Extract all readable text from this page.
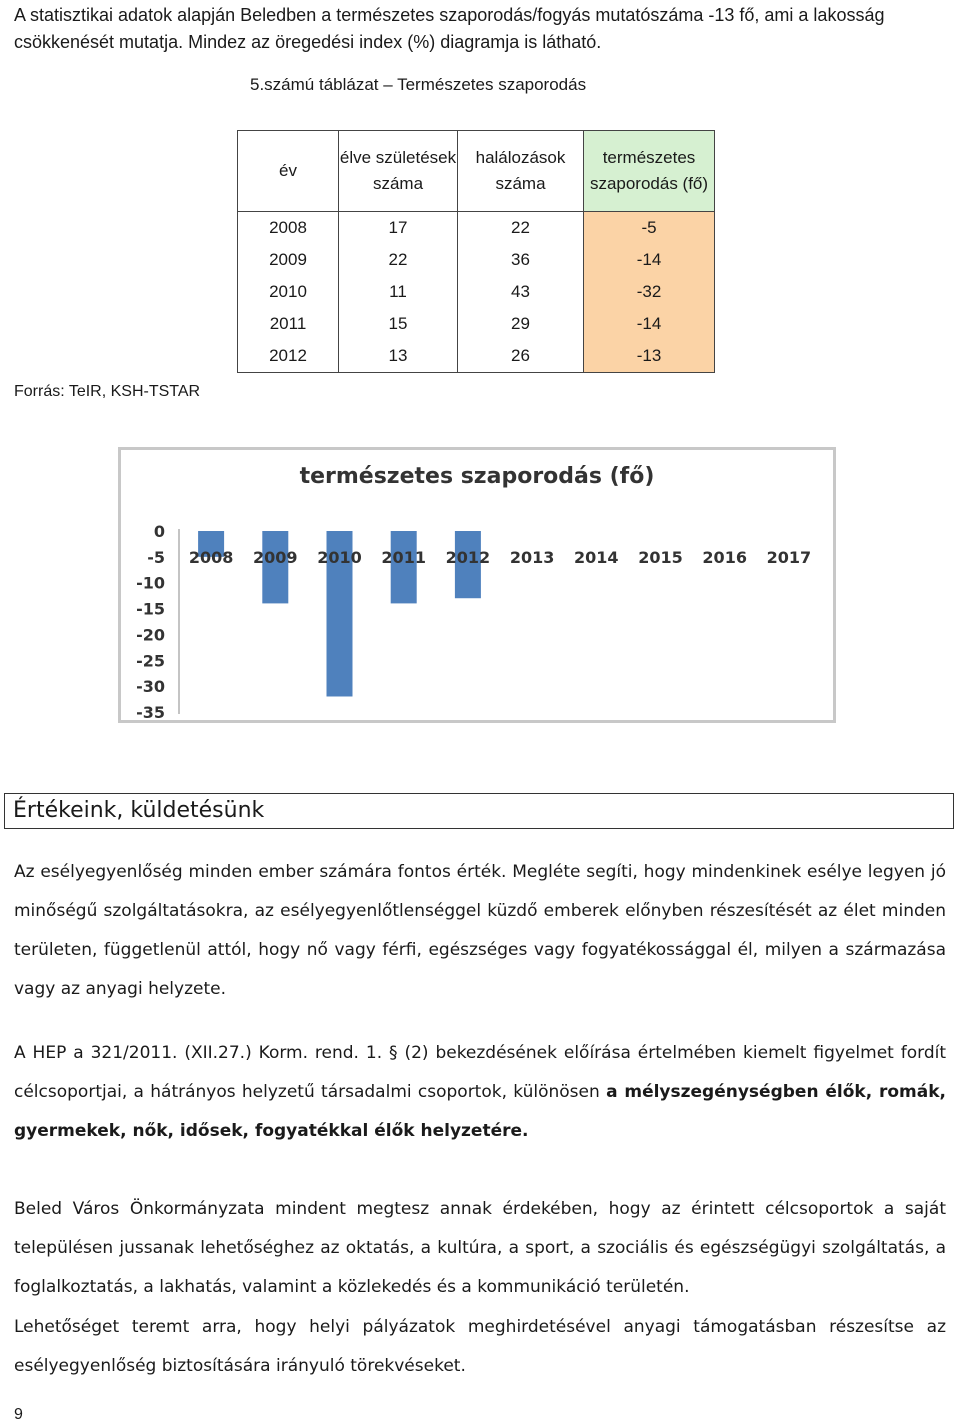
A statisztikai adatok alapján Beledben a természetes szaporodás/fogyás mutatószáma -13 fő, ami a lakosság csökkenését mutatja. Mindez az öregedési index (%) diagramja is látható.
5.számú táblázat – Természetes szaporodás
év	élve születések száma	halálozások száma	természetes szaporodás (fő)
2008	17	22	-5
2009	22	36	-14
2010	11	43	-32
2011	15	29	-14
2012	13	26	-13
Forrás: TeIR, KSH-TSTAR
természetes szaporodás (fő)
0
-5
-10
-15
-20
-25
-30
-35
2008 2009 2010 2011 2012 2013 2014 2015 2016 2017
Értékeink, küldetésünk
Az esélyegyenlőség minden ember számára fontos érték. Megléte segíti, hogy mindenkinek esélye legyen jó minőségű szolgáltatásokra, az esélyegyenlőtlenséggel küzdő emberek előnyben részesítését az élet minden területen, függetlenül attól, hogy nő vagy férfi, egészséges vagy fogyatékossággal él, milyen a származása vagy az anyagi helyzete.
A HEP a 321/2011. (XII.27.) Korm. rend. 1. § (2) bekezdésének előírása értelmében kiemelt figyelmet fordít célcsoportjai, a hátrányos helyzetű társadalmi csoportok, különösen a mélyszegénységben élők, romák, gyermekek, nők, idősek, fogyatékkal élők helyzetére.
Beled Város Önkormányzata mindent megtesz annak érdekében, hogy az érintett célcsoportok a saját településen jussanak lehetőséghez az oktatás, a kultúra, a sport, a szociális és egészségügyi szolgáltatás, a foglalkoztatás, a lakhatás, valamint a közlekedés és a kommunikáció területén.
Lehetőséget teremt arra, hogy helyi pályázatok meghirdetésével anyagi támogatásban részesítse az esélyegyenlőség biztosítására irányuló törekvéseket.
9
